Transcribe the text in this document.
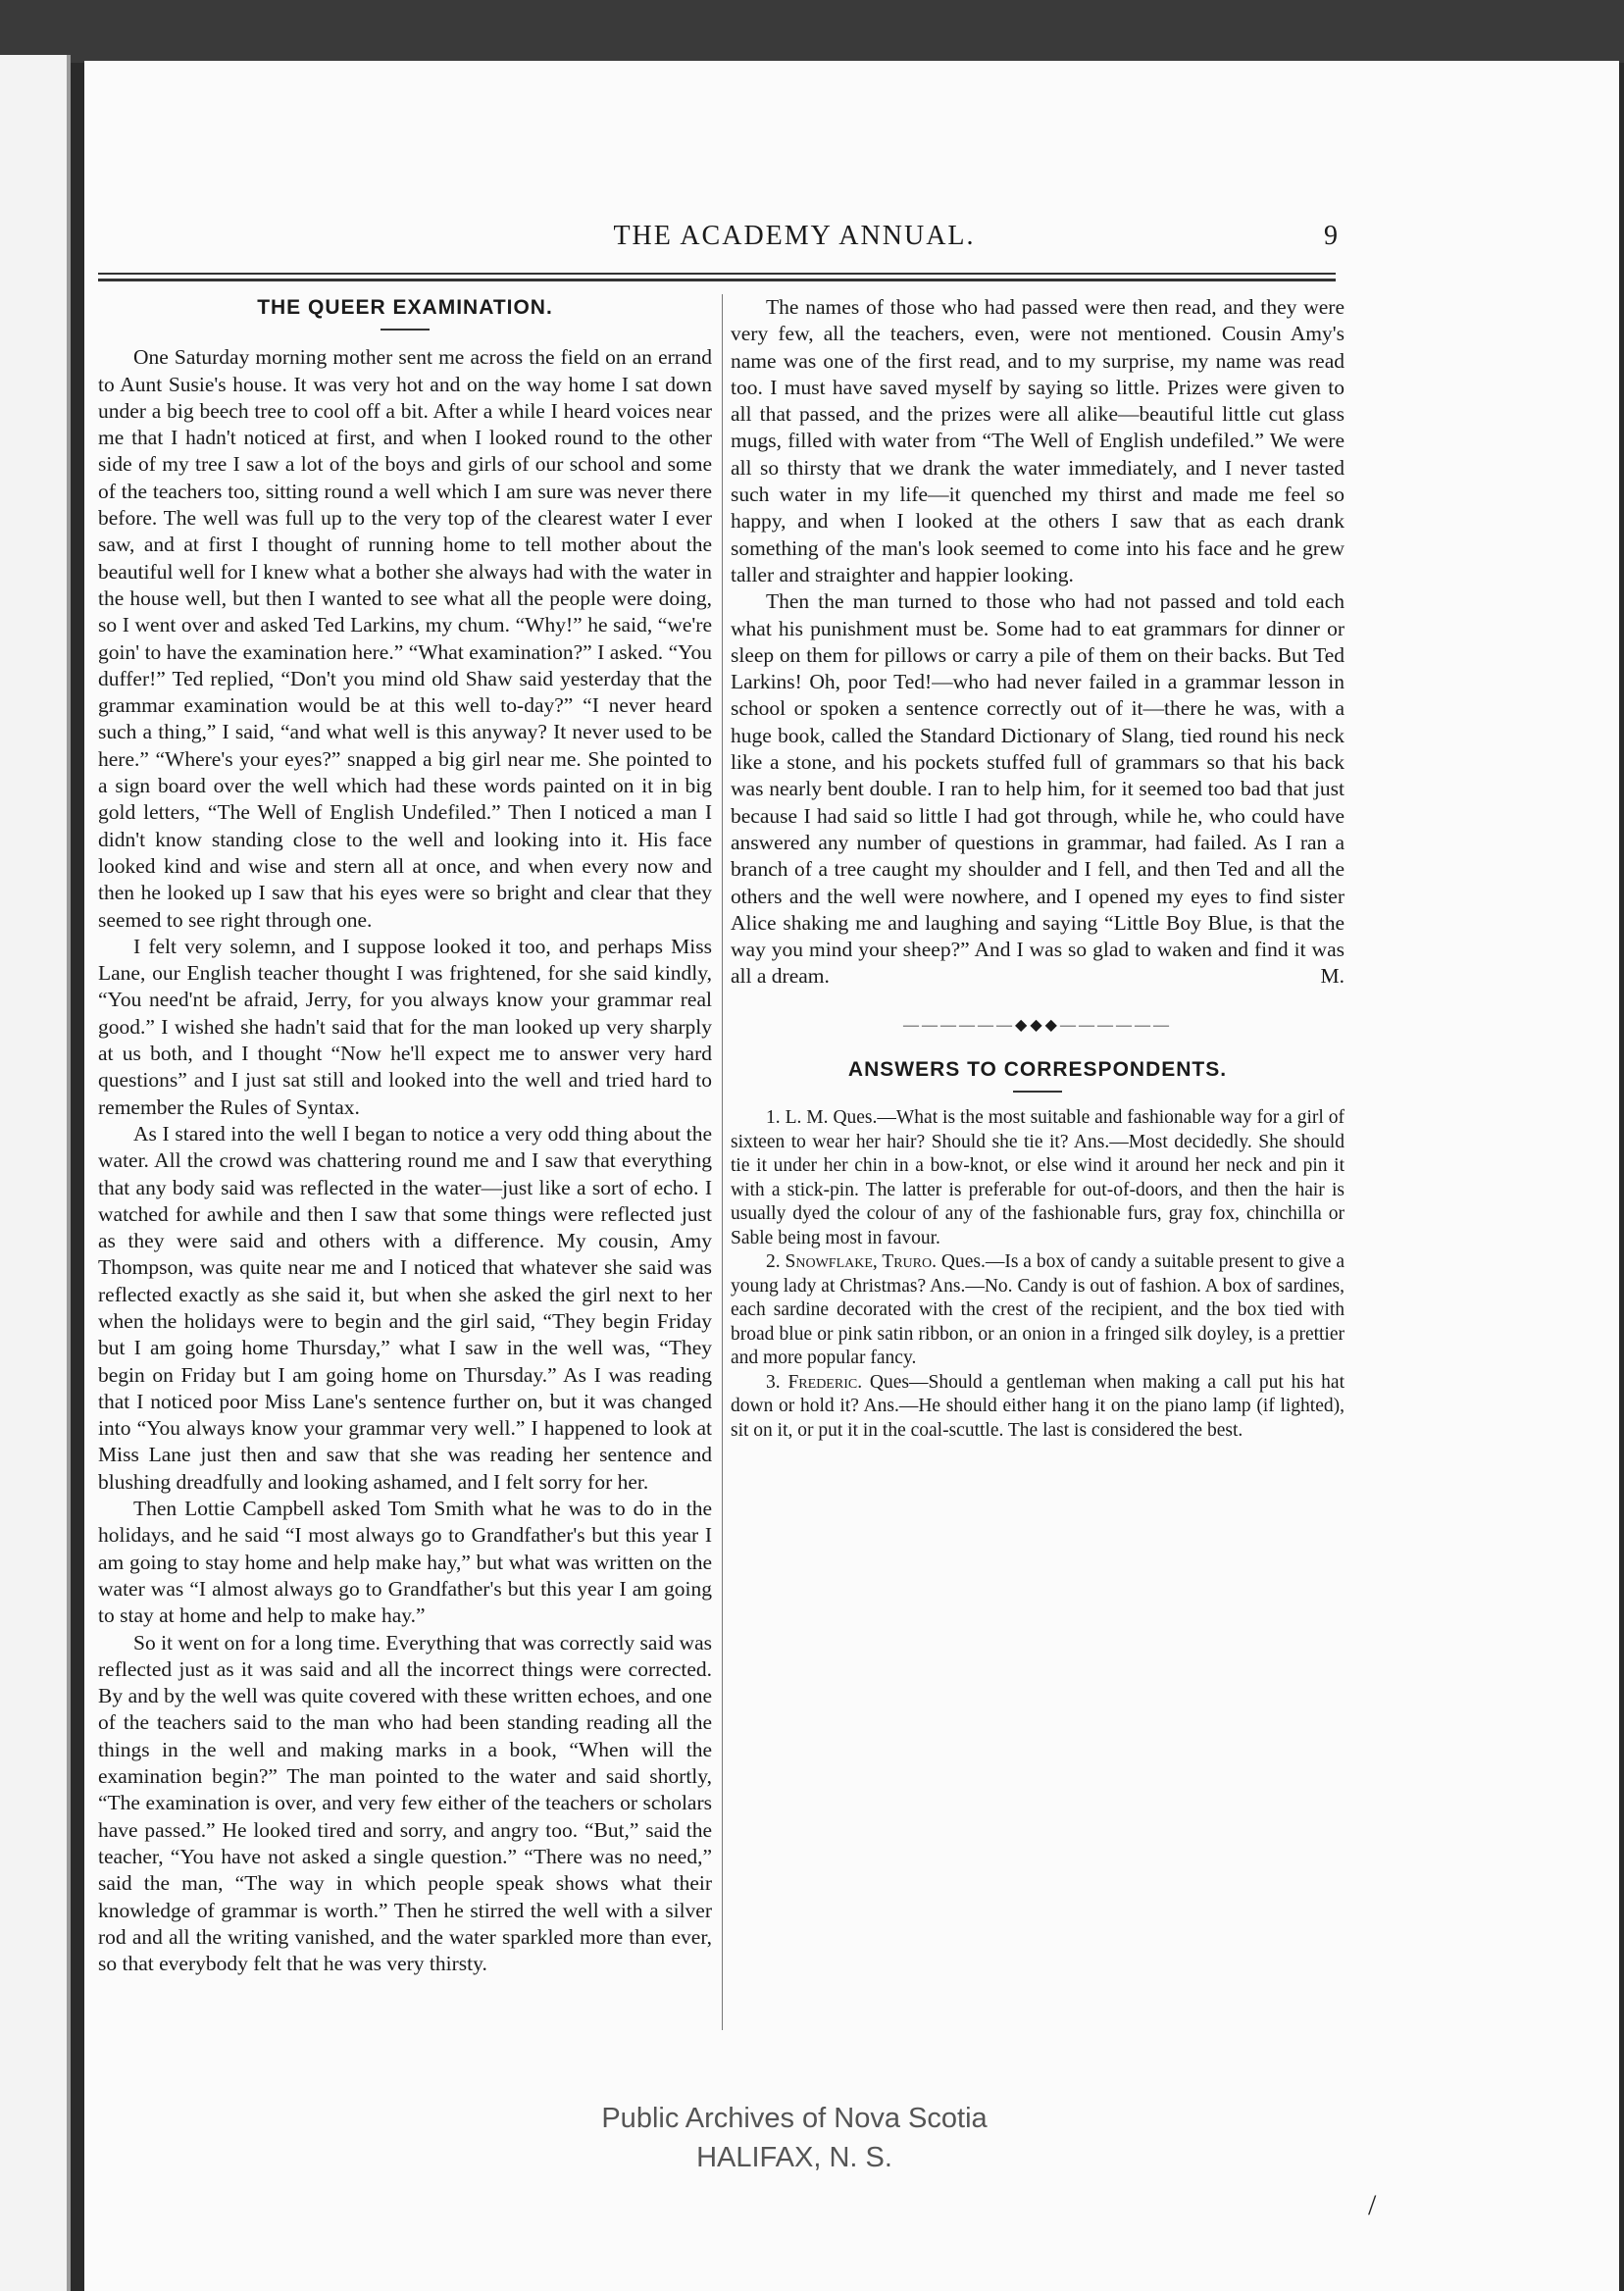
THE ACADEMY ANNUAL.	9
THE QUEER EXAMINATION.

One Saturday morning mother sent me across the field on an errand to Aunt Susie's house. It was very hot and on the way home I sat down under a big beech tree to cool off a bit. After a while I heard voices near me that I hadn't noticed at first, and when I looked round to the other side of my tree I saw a lot of the boys and girls of our school and some of the teachers too, sitting round a well which I am sure was never there before. The well was full up to the very top of the clearest water I ever saw, and at first I thought of running home to tell mother about the beautiful well for I knew what a bother she always had with the water in the house well, but then I wanted to see what all the people were doing, so I went over and asked Ted Larkins, my chum. “Why!” he said, “we're goin' to have the examination here.” “What examination?” I asked. “You duffer!” Ted replied, “Don't you mind old Shaw said yesterday that the grammar examination would be at this well to-day?” “I never heard such a thing,” I said, “and what well is this anyway? It never used to be here.” “Where's your eyes?” snapped a big girl near me. She pointed to a sign board over the well which had these words painted on it in big gold letters, “The Well of English Undefiled.” Then I noticed a man I didn't know standing close to the well and looking into it. His face looked kind and wise and stern all at once, and when every now and then he looked up I saw that his eyes were so bright and clear that they seemed to see right through one.

I felt very solemn, and I suppose looked it too, and perhaps Miss Lane, our English teacher thought I was frightened, for she said kindly, “You need'nt be afraid, Jerry, for you always know your grammar real good.” I wished she hadn't said that for the man looked up very sharply at us both, and I thought “Now he'll expect me to answer very hard questions” and I just sat still and looked into the well and tried hard to remember the Rules of Syntax.

As I stared into the well I began to notice a very odd thing about the water. All the crowd was chattering round me and I saw that everything that any body said was reflected in the water—just like a sort of echo. I watched for awhile and then I saw that some things were reflected just as they were said and others with a difference. My cousin, Amy Thompson, was quite near me and I noticed that whatever she said was reflected exactly as she said it, but when she asked the girl next to her when the holidays were to begin and the girl said, “They begin Friday but I am going home Thursday,” what I saw in the well was, “They begin on Friday but I am going home on Thursday.” As I was reading that I noticed poor Miss Lane's sentence further on, but it was changed into “You always know your grammar very well.” I happened to look at Miss Lane just then and saw that she was reading her sentence and blushing dreadfully and looking ashamed, and I felt sorry for her.

Then Lottie Campbell asked Tom Smith what he was to do in the holidays, and he said “I most always go to Grandfather's but this year I am going to stay home and help make hay,” but what was written on the water was “I almost always go to Grandfather's but this year I am going to stay at home and help to make hay.”

So it went on for a long time. Everything that was correctly said was reflected just as it was said and all the incorrect things were corrected. By and by the well was quite covered with these written echoes, and one of the teachers said to the man who had been standing reading all the things in the well and making marks in a book, “When will the examination begin?” The man pointed to the water and said shortly, “The examination is over, and very few either of the teachers or scholars have passed.” He looked tired and sorry, and angry too. “But,” said the teacher, “You have not asked a single question.” “There was no need,” said the man, “The way in which people speak shows what their knowledge of grammar is worth.” Then he stirred the well with a silver rod and all the writing vanished, and the water sparkled more than ever, so that everybody felt that he was very thirsty.

The names of those who had passed were then read, and they were very few, all the teachers, even, were not mentioned. Cousin Amy's name was one of the first read, and to my surprise, my name was read too. I must have saved myself by saying so little. Prizes were given to all that passed, and the prizes were all alike—beautiful little cut glass mugs, filled with water from “The Well of English undefiled.” We were all so thirsty that we drank the water immediately, and I never tasted such water in my life—it quenched my thirst and made me feel so happy, and when I looked at the others I saw that as each drank something of the man's look seemed to come into his face and he grew taller and straighter and happier looking.

Then the man turned to those who had not passed and told each what his punishment must be. Some had to eat grammars for dinner or sleep on them for pillows or carry a pile of them on their backs. But Ted Larkins! Oh, poor Ted!—who had never failed in a grammar lesson in school or spoken a sentence correctly out of it—there he was, with a huge book, called the Standard Dictionary of Slang, tied round his neck like a stone, and his pockets stuffed full of grammars so that his back was nearly bent double. I ran to help him, for it seemed too bad that just because I had said so little I had got through, while he, who could have answered any number of questions in grammar, had failed. As I ran a branch of a tree caught my shoulder and I fell, and then Ted and all the others and the well were nowhere, and I opened my eyes to find sister Alice shaking me and laughing and saying “Little Boy Blue, is that the way you mind your sheep?” And I was so glad to waken and find it was all a dream.	M.

——————◆◆◆——————
ANSWERS TO CORRESPONDENTS.

1. L. M. Ques.—What is the most suitable and fashionable way for a girl of sixteen to wear her hair? Should she tie it? Ans.—Most decidedly. She should tie it under her chin in a bow-knot, or else wind it around her neck and pin it with a stick-pin. The latter is preferable for out-of-doors, and then the hair is usually dyed the colour of any of the fashionable furs, gray fox, chinchilla or Sable being most in favour.

2. Snowflake, Truro. Ques.—Is a box of candy a suitable present to give a young lady at Christmas? Ans.—No. Candy is out of fashion. A box of sardines, each sardine decorated with the crest of the recipient, and the box tied with broad blue or pink satin ribbon, or an onion in a fringed silk doyley, is a prettier and more popular fancy.

3. Frederic. Ques—Should a gentleman when making a call put his hat down or hold it? Ans.—He should either hang it on the piano lamp (if lighted), sit on it, or put it in the coal-scuttle. The last is considered the best.

Public Archives of Nova Scotia
HALIFAX, N. S.
/
